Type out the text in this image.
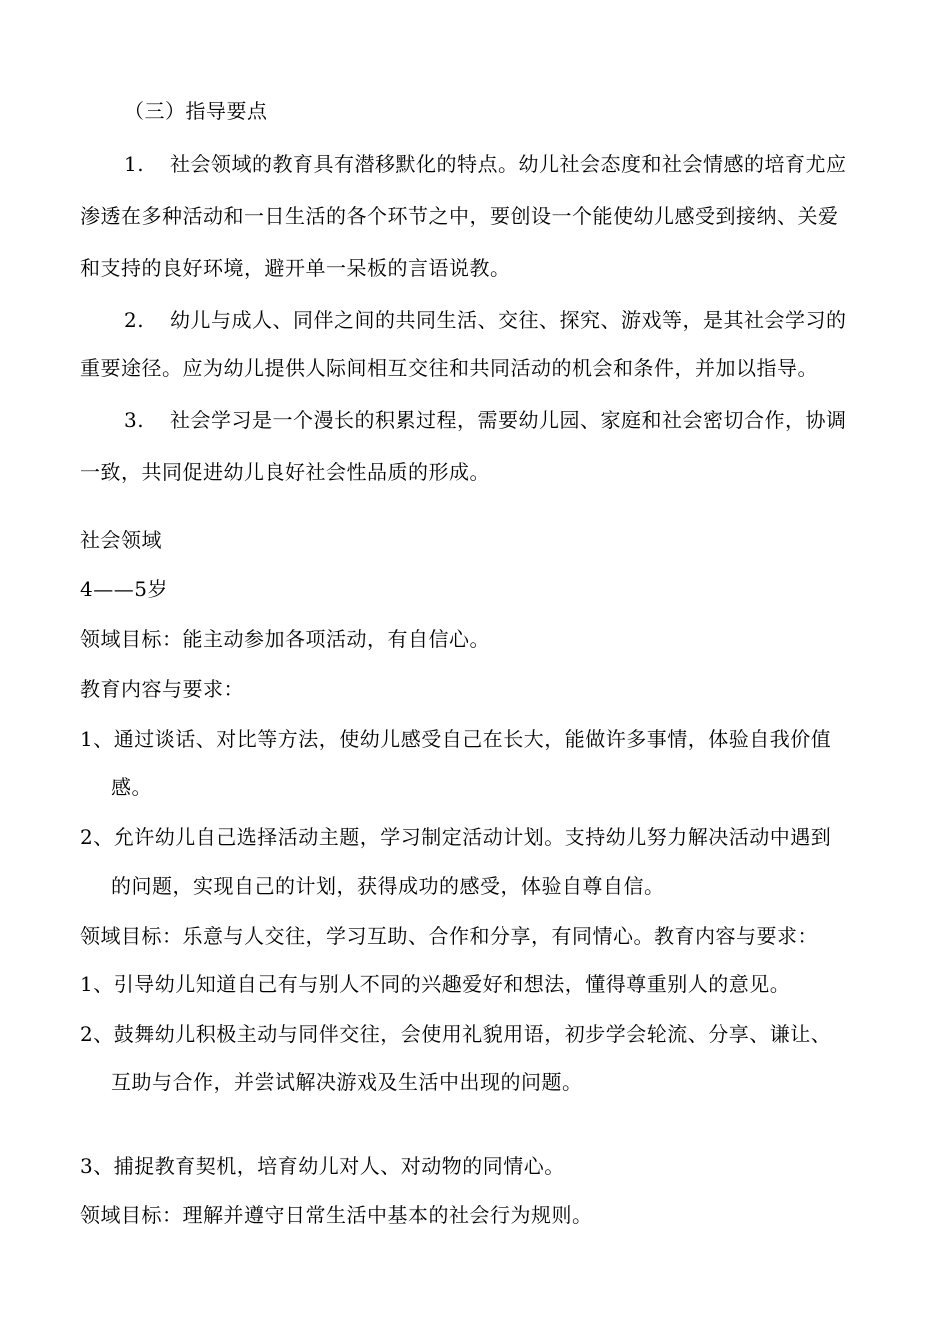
（三）指导要点
1. 社会领域的教育具有潜移默化的特点。幼儿社会态度和社会情感的培育尤应
渗透在多种活动和一日生活的各个环节之中，要创设一个能使幼儿感受到接纳、关爱
和支持的良好环境，避开单一呆板的言语说教。
2. 幼儿与成人、同伴之间的共同生活、交往、探究、游戏等，是其社会学习的
重要途径。应为幼儿提供人际间相互交往和共同活动的机会和条件，并加以指导。
3. 社会学习是一个漫长的积累过程，需要幼儿园、家庭和社会密切合作，协调
一致，共同促进幼儿良好社会性品质的形成。
社会领域
4——5岁
领域目标：能主动参加各项活动，有自信心。
教育内容与要求：
1、通过谈话、对比等方法，使幼儿感受自己在长大，能做许多事情，体验自我价值
感。
2、允许幼儿自己选择活动主题，学习制定活动计划。支持幼儿努力解决活动中遇到
的问题，实现自己的计划，获得成功的感受，体验自尊自信。
领域目标：乐意与人交往，学习互助、合作和分享，有同情心。教育内容与要求：
1、引导幼儿知道自己有与别人不同的兴趣爱好和想法，懂得尊重别人的意见。
2、鼓舞幼儿积极主动与同伴交往，会使用礼貌用语，初步学会轮流、分享、谦让、
互助与合作，并尝试解决游戏及生活中出现的问题。
3、捕捉教育契机，培育幼儿对人、对动物的同情心。
领域目标：理解并遵守日常生活中基本的社会行为规则。
